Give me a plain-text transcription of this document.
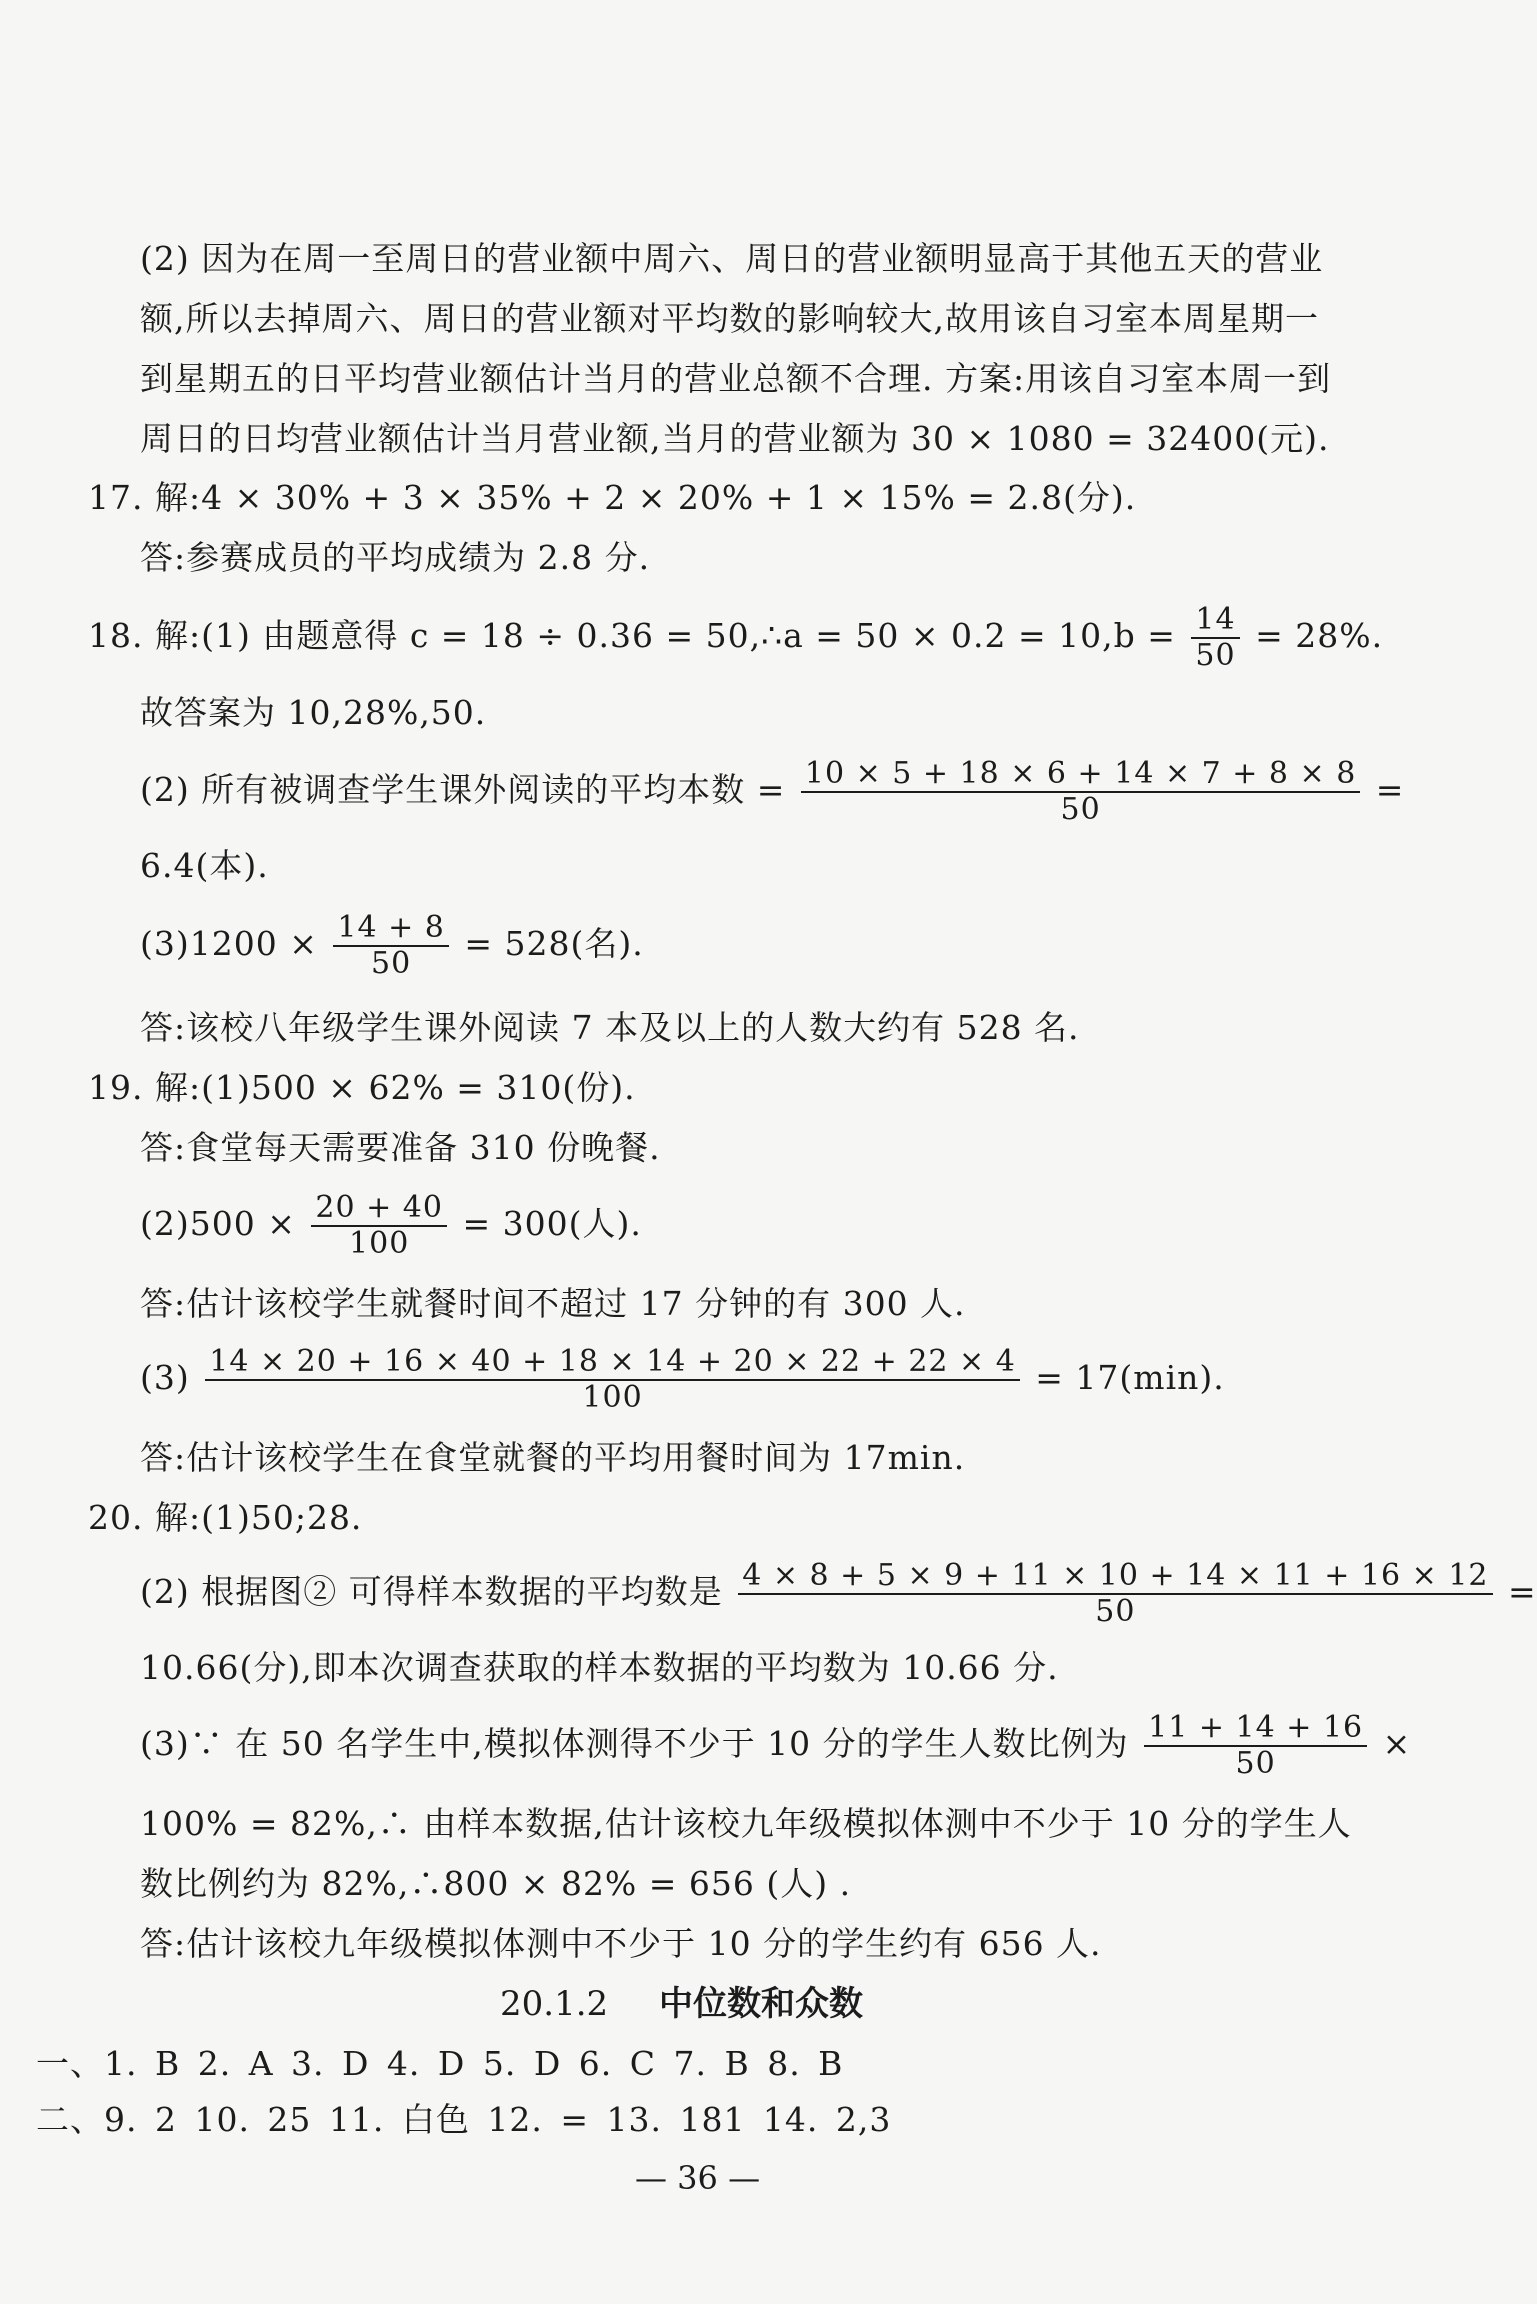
(2) 因为在周一至周日的营业额中周六、周日的营业额明显高于其他五天的营业
额,所以去掉周六、周日的营业额对平均数的影响较大,故用该自习室本周星期一
到星期五的日平均营业额估计当月的营业总额不合理. 方案:用该自习室本周一到
周日的日均营业额估计当月营业额,当月的营业额为 30 × 1080 = 32400(元).
17. 解:4 × 30% + 3 × 35% + 2 × 20% + 1 × 15% = 2.8(分).
答:参赛成员的平均成绩为 2.8 分.
18. 解:(1) 由题意得 c = 18 ÷ 0.36 = 50,∴a = $50 \times 0.2 = 10,b = \frac{14}{50} = 28\%$.
故答案为 10,28%,50.
(2) 所有被调查学生课外阅读的平均本数 = $\frac{10 \times 5 + 18 \times 6 + 14 \times 7 + 8 \times 8}{50}$ =
6.4(本).
$(3)1200 \times \frac{14 + 8}{50} = 528$(名).
答:该校八年级学生课外阅读 7 本及以上的人数大约有 528 名.
19. 解:(1)500 × 62% = 310(份).
答:食堂每天需要准备 310 份晚餐.
$(2)500 \times \frac{20 + 40}{100} = 300$(人).
答:估计该校学生就餐时间不超过 17 分钟的有 300 人.
$(3) \frac{14 \times 20 + 16 \times 40 + 18 \times 14 + 20 \times 22 + 22 \times 4}{100} = 17(\min)$.
答:估计该校学生在食堂就餐的平均用餐时间为 17min.
20. 解:(1)50;28.
(2) 根据图② 可得样本数据的平均数是 $\frac{4 \times 8 + 5 \times 9 + 11 \times 10 + 14 \times 11 + 16 \times 12}{50}$ =
10.66(分),即本次调查获取的样本数据的平均数为 10.66 分.
(3)∵ 在 50 名学生中,模拟体测得不少于 10 分的学生人数比例为 $\frac{11 + 14 + 16}{50}$ ×
100% = 82%,∴ 由样本数据,估计该校九年级模拟体测中不少于 10 分的学生人
数比例约为 82%,∴800 × 82% = 656 (人) .
答:估计该校九年级模拟体测中不少于 10 分的学生约有 656 人.
20.1.2 中位数和众数
一、1. B 2. A 3. D 4. D 5. D 6. C 7. B 8. B
二、9. 2 10. 25 11. 白色 12. = 13. 181 14. 2,3
— 36 —
